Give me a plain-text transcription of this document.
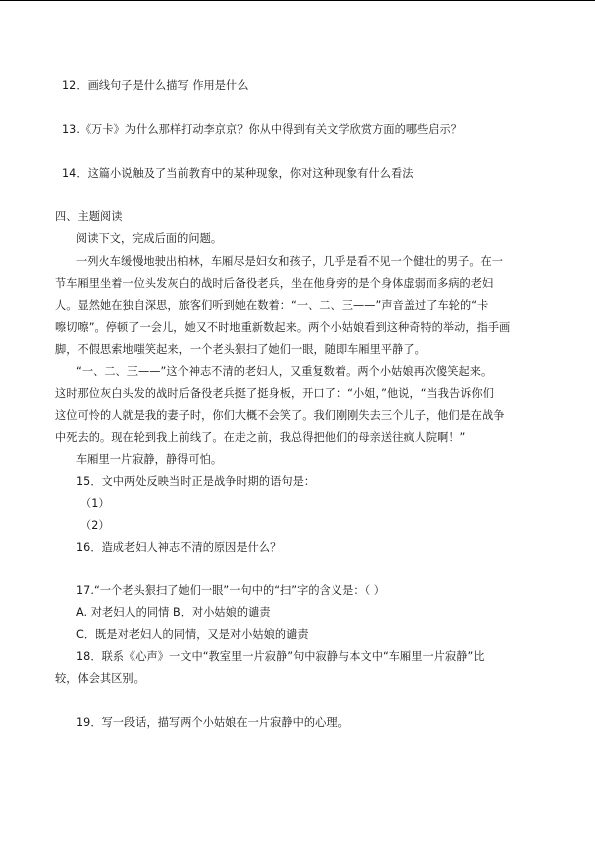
12．画线句子是什么描写 作用是什么
13.《万卡》为什么那样打动李京京？你从中得到有关文学欣赏方面的哪些启示？
14．这篇小说触及了当前教育中的某种现象，你对这种现象有什么看法
四、主题阅读
阅读下文，完成后面的问题。
一列火车缓慢地驶出柏林，车厢尽是妇女和孩子，几乎是看不见一个健壮的男子。在一
节车厢里坐着一位头发灰白的战时后备役老兵，坐在他身旁的是个身体虚弱而多病的老妇
人。显然她在独自深思，旅客们听到她在数着：“一、二、三——”声音盖过了车轮的“卡
嚓切嚓”。停顿了一会儿，她又不时地重新数起来。两个小姑娘看到这种奇特的举动，指手画
脚，不假思索地嗤笑起来，一个老头狠扫了她们一眼，随即车厢里平静了。
“一、二、三——”这个神志不清的老妇人，又重复数着。两个小姑娘再次傻笑起来。
这时那位灰白头发的战时后备役老兵挺了挺身板，开口了：“小姐，”他说，“当我告诉你们
这位可怜的人就是我的妻子时，你们大概不会笑了。我们刚刚失去三个儿子，他们是在战争
中死去的。现在轮到我上前线了。在走之前，我总得把他们的母亲送往疯人院啊！”
车厢里一片寂静，静得可怕。
15．文中两处反映当时正是战争时期的语句是：
（1）
（2）
16．造成老妇人神志不清的原因是什么？
17.“一个老头狠扫了她们一眼”一句中的“扫”字的含义是：（ ）
A. 对老妇人的同情 B．对小姑娘的谴责
C．既是对老妇人的同情，又是对小姑娘的谴责
18．联系《心声》一文中“教室里一片寂静”句中寂静与本文中“车厢里一片寂静”比
较，体会其区别。
19．写一段话，描写两个小姑娘在一片寂静中的心理。
